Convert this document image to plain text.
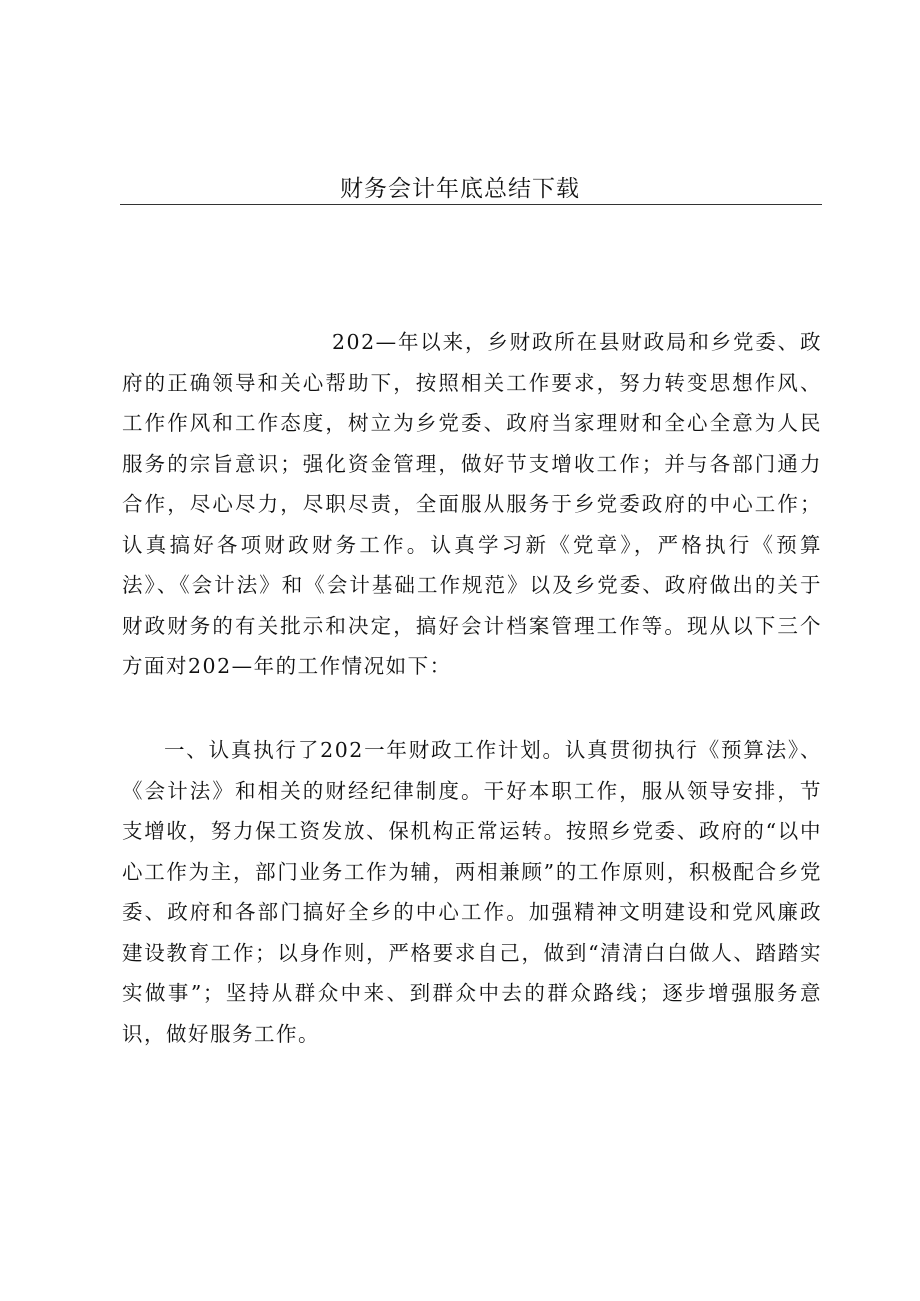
财务会计年底总结下载

202—年以来，乡财政所在县财政局和乡党委、政府的正确领导和关心帮助下，按照相关工作要求，努力转变思想作风、工作作风和工作态度，树立为乡党委、政府当家理财和全心全意为人民服务的宗旨意识；强化资金管理，做好节支增收工作；并与各部门通力合作，尽心尽力，尽职尽责，全面服从服务于乡党委政府的中心工作；认真搞好各项财政财务工作。认真学习新《党章》，严格执行《预算法》、《会计法》和《会计基础工作规范》以及乡党委、政府做出的关于财政财务的有关批示和决定，搞好会计档案管理工作等。现从以下三个方面对202—年的工作情况如下：

一、认真执行了202一年财政工作计划。认真贯彻执行《预算法》、《会计法》和相关的财经纪律制度。干好本职工作，服从领导安排，节支增收，努力保工资发放、保机构正常运转。按照乡党委、政府的“以中心工作为主，部门业务工作为辅，两相兼顾”的工作原则，积极配合乡党委、政府和各部门搞好全乡的中心工作。加强精神文明建设和党风廉政建设教育工作；以身作则，严格要求自己，做到“清清白白做人、踏踏实实做事”；坚持从群众中来、到群众中去的群众路线；逐步增强服务意识，做好服务工作。
